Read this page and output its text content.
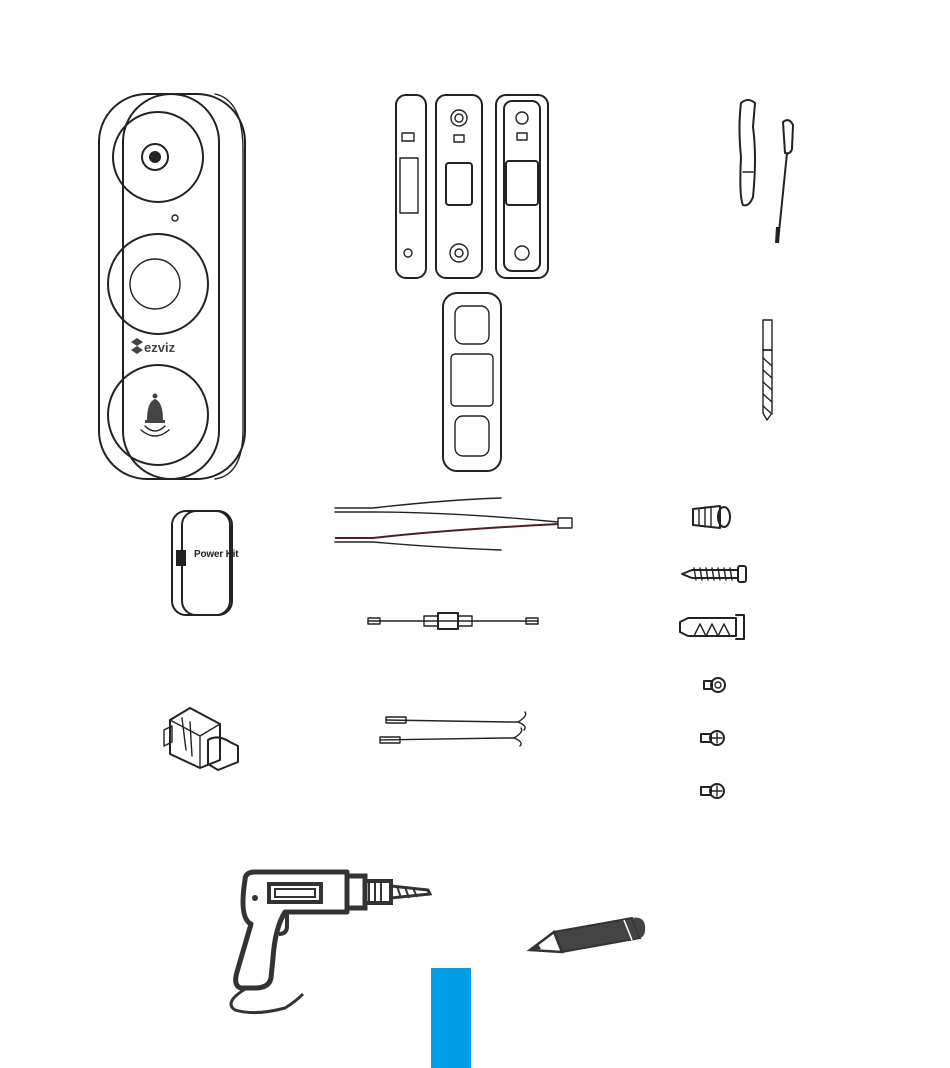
ezviz
Power Kit
